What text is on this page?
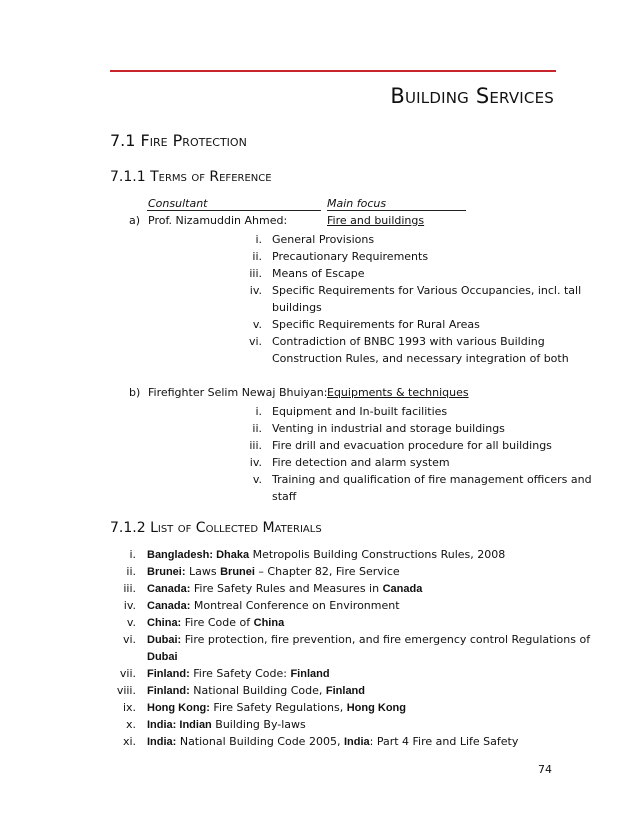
Building Services
7.1 Fire Protection
7.1.1 Terms of Reference
Consultant	Main focus
a) Prof. Nizamuddin Ahmed:	Fire and buildings
i. General Provisions
ii. Precautionary Requirements
iii. Means of Escape
iv. Specific Requirements for Various Occupancies, incl. tall
buildings
v. Specific Requirements for Rural Areas
vi. Contradiction of BNBC 1993 with various Building
Construction Rules, and necessary integration of both
b) Firefighter Selim Newaj Bhuiyan: Equipments & techniques
i. Equipment and In-built facilities
ii. Venting in industrial and storage buildings
iii. Fire drill and evacuation procedure for all buildings
iv. Fire detection and alarm system
v. Training and qualification of fire management officers and
staff
7.1.2 List of Collected Materials
i. Bangladesh: Dhaka Metropolis Building Constructions Rules, 2008
ii. Brunei: Laws Brunei – Chapter 82, Fire Service
iii. Canada: Fire Safety Rules and Measures in Canada
iv. Canada: Montreal Conference on Environment
v. China: Fire Code of China
vi. Dubai: Fire protection, fire prevention, and fire emergency control Regulations of
Dubai
vii. Finland: Fire Safety Code: Finland
viii. Finland: National Building Code, Finland
ix. Hong Kong: Fire Safety Regulations, Hong Kong
x. India: Indian Building By-laws
xi. India: National Building Code 2005, India: Part 4 Fire and Life Safety
74
